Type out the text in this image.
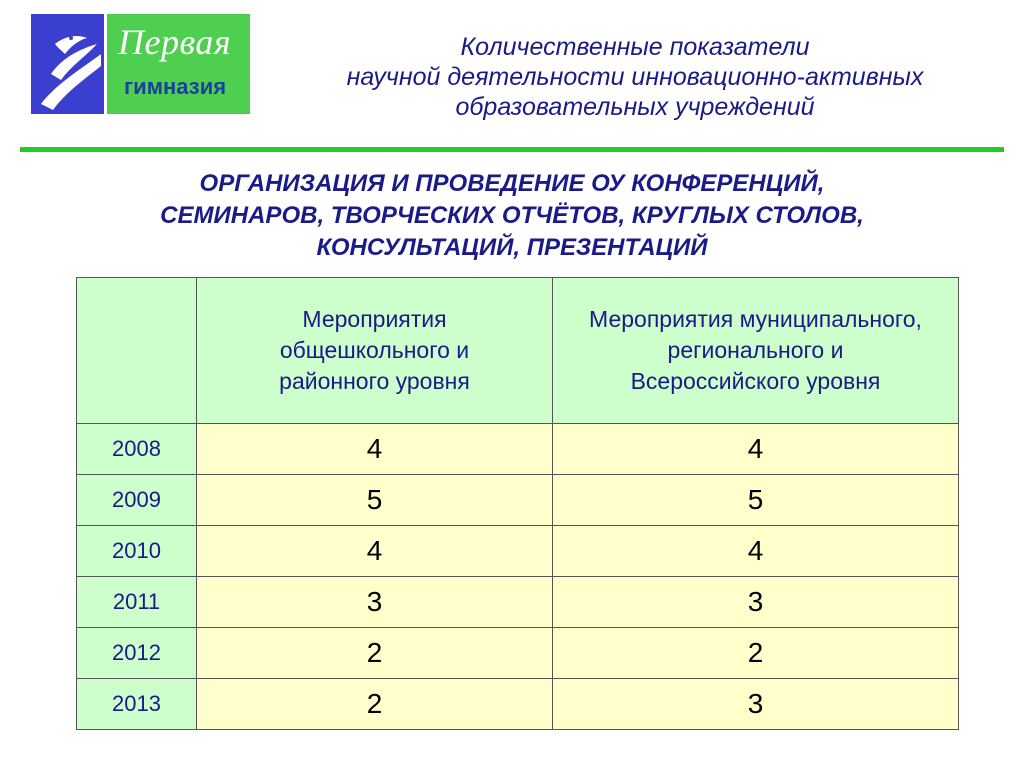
Первая
гимназия
Количественные показатели
научной деятельности инновационно-активных
образовательных учреждений
ОРГАНИЗАЦИЯ И ПРОВЕДЕНИЕ ОУ КОНФЕРЕНЦИЙ,
СЕМИНАРОВ, ТВОРЧЕСКИХ ОТЧЁТОВ, КРУГЛЫХ СТОЛОВ,
КОНСУЛЬТАЦИЙ, ПРЕЗЕНТАЦИЙ

	Мероприятия общешкольного и районного уровня	Мероприятия муниципального, регионального и Всероссийского уровня

2008	4	4
2009	5	5
2010	4	4
2011	3	3
2012	2	2
2013	2	3
